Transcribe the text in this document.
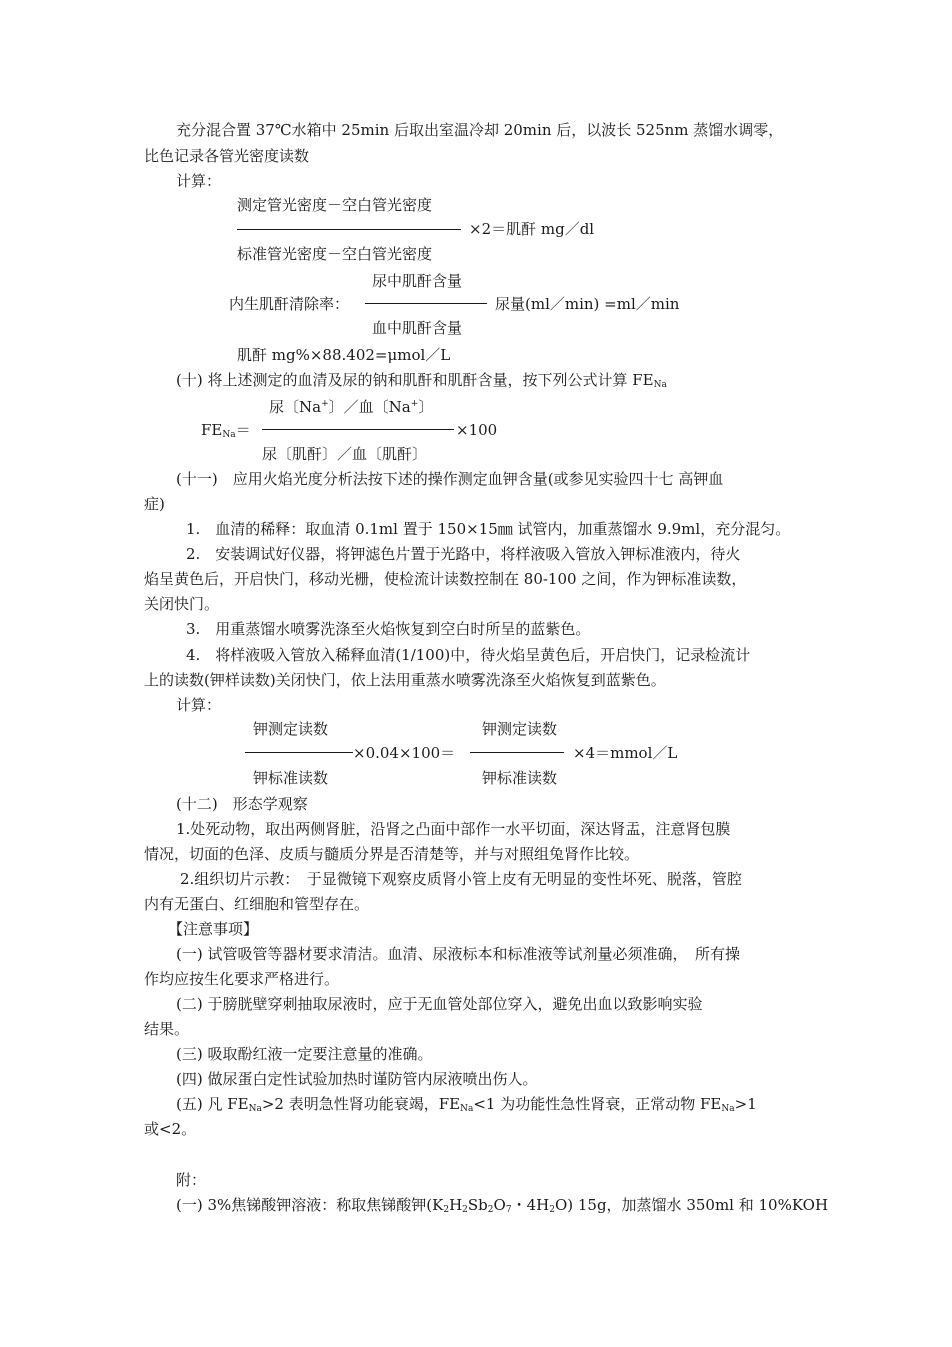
充分混合置 37℃水箱中 25min 后取出室温冷却 20min 后，以波长 525nm 蒸馏水调零，
比色记录各管光密度读数
计算：
测定管光密度－空白管光密度
×2＝肌酐 mg／dl
标准管光密度－空白管光密度
尿中肌酐含量
内生肌酐清除率：	尿量(ml／min) =ml／min
血中肌酐含量
肌酐 mg%×88.402=μmol／L
(十) 将上述测定的血清及尿的钠和肌酐和肌酐含量，按下列公式计算 $FE_{Na}$
尿〔Na+〕／血〔Na+〕
$FE_{Na}=$	×100
尿〔肌酐〕／血〔肌酐〕
(十一)　应用火焰光度分析法按下述的操作测定血钾含量(或参见实验四十七 高钾血
症)
1.　血清的稀释：取血清 0.1ml 置于 150×15㎜ 试管内，加重蒸馏水 9.9ml，充分混匀。
2.　安装调试好仪器，将钾滤色片置于光路中，将样液吸入管放入钾标准液内，待火
焰呈黄色后，开启快门，移动光栅，使检流计读数控制在 80-100 之间，作为钾标准读数，
关闭快门。
3.　用重蒸馏水喷雾洗涤至火焰恢复到空白时所呈的蓝紫色。
4.　将样液吸入管放入稀释血清(1/100)中，待火焰呈黄色后，开启快门，记录检流计
上的读数(钾样读数)关闭快门，依上法用重蒸水喷雾洗涤至火焰恢复到蓝紫色。
计算：
钾测定读数
×0.04×100＝
钾测定读数
×4＝mmol／L
钾标准读数	钾标准读数
(十二)　形态学观察
1.处死动物，取出两侧肾脏，沿肾之凸面中部作一水平切面，深达肾盂，注意肾包膜
情况，切面的色泽、皮质与髓质分界是否清楚等，并与对照组兔肾作比较。
2.组织切片示教：　于显微镜下观察皮质肾小管上皮有无明显的变性坏死、脱落，管腔
内有无蛋白、红细胞和管型存在。
【注意事项】
(一) 试管吸管等器材要求清洁。血清、尿液标本和标准液等试剂量必须准确，　所有操
作均应按生化要求严格进行。
(二) 于膀胱壁穿刺抽取尿液时，应于无血管处部位穿入，避免出血以致影响实验
结果。
(三) 吸取酚红液一定要注意量的准确。
(四) 做尿蛋白定性试验加热时谨防管内尿液喷出伤人。
(五) 凡 $FE_{Na}>2$ 表明急性肾功能衰竭，$FE_{Na}<1$ 为功能性急性肾衰，正常动物 $FE_{Na}>1$
或<2。
附：
(一) 3%焦锑酸钾溶液：称取焦锑酸钾($K_2H_2Sb_2O_7$・$4H_2O$) 15g，加蒸馏水 350ml 和 10%KOH
